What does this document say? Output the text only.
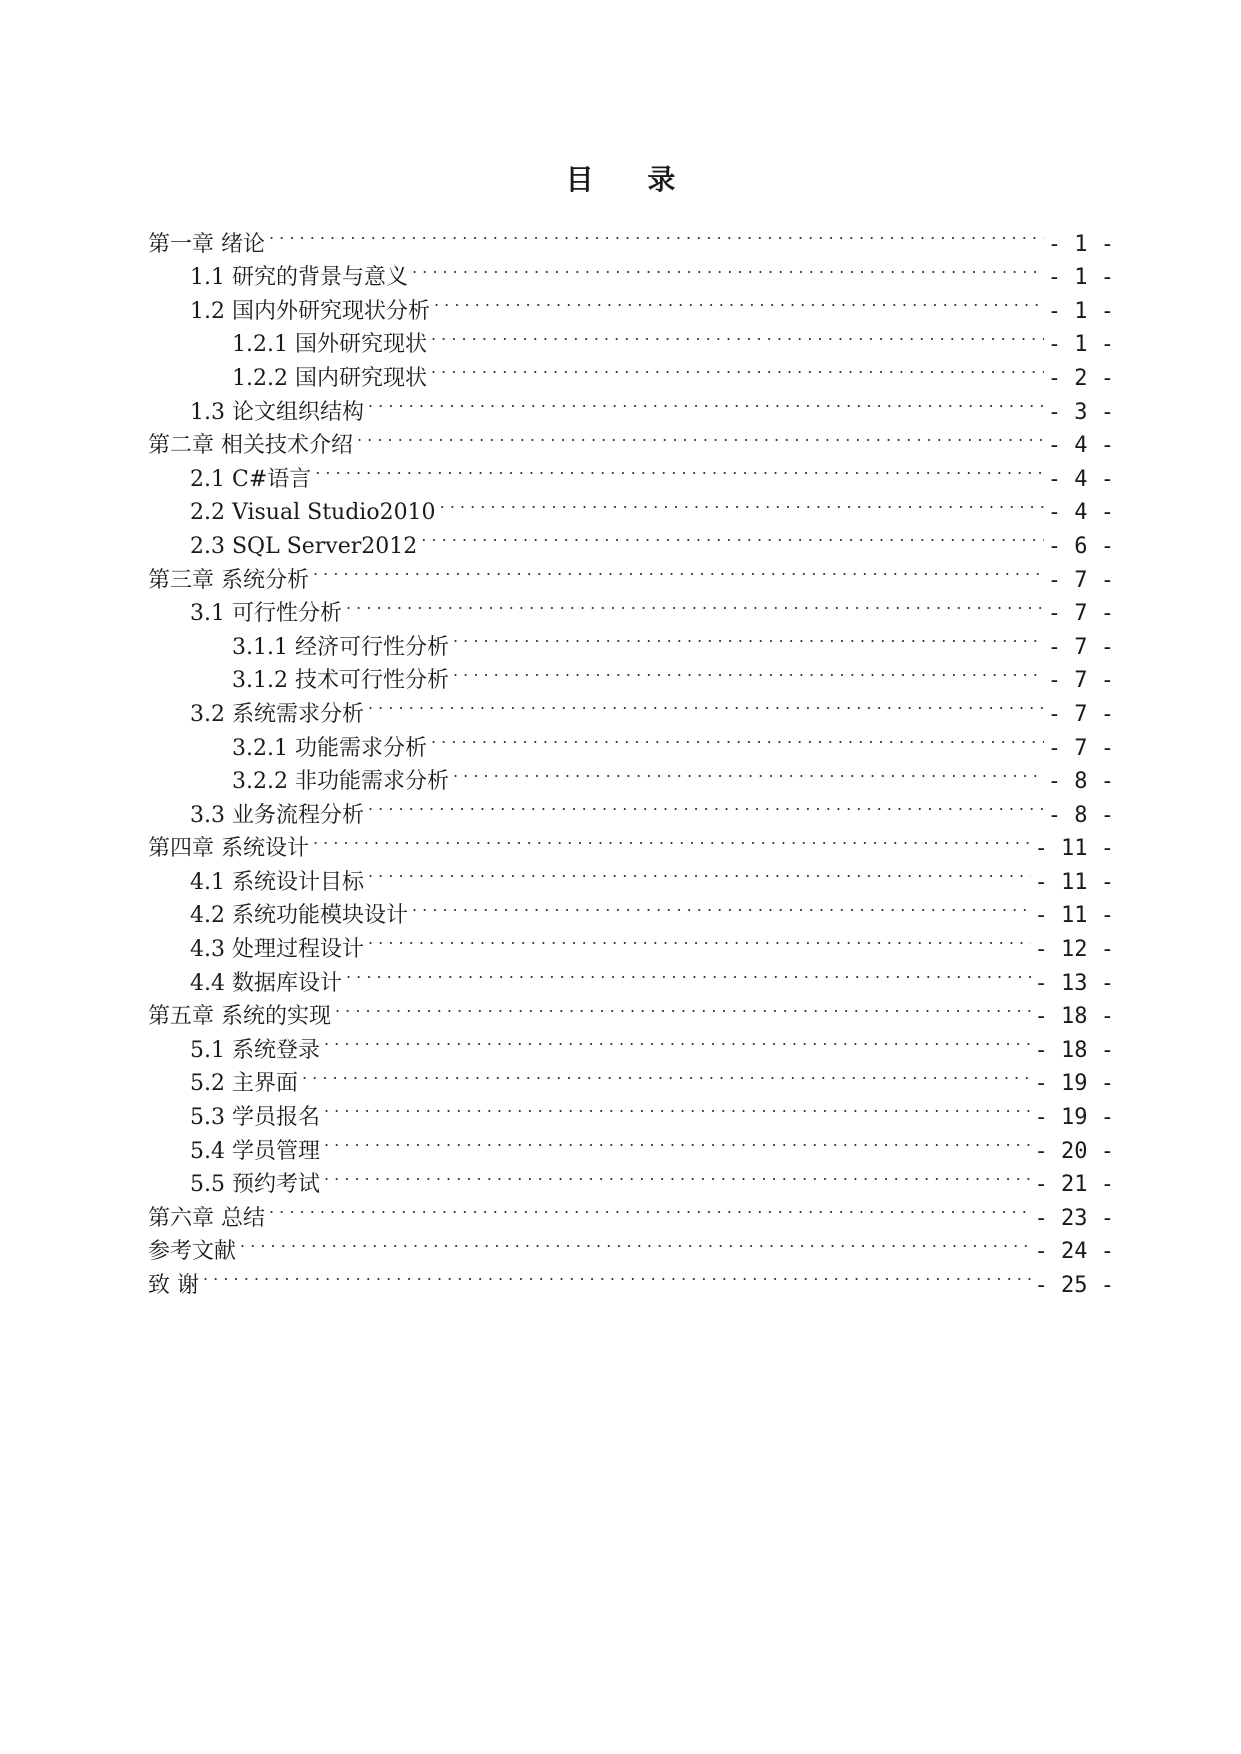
目 录
第一章 绪论 . . .	- 1 -
1.1 研究的背景与意义 . . .	- 1 -
1.2 国内外研究现状分析 . . .	- 1 -
1.2.1 国外研究现状 . . .	- 1 -
1.2.2 国内研究现状 . . .	- 2 -
1.3 论文组织结构 . . .	- 3 -
第二章 相关技术介绍 . . .	- 4 -
2.1 C#语言 . . .	- 4 -
2.2 Visual Studio2010 . . .	- 4 -
2.3 SQL Server2012 . . .	- 6 -
第三章 系统分析 . . .	- 7 -
3.1 可行性分析 . . .	- 7 -
3.1.1 经济可行性分析 . . .	- 7 -
3.1.2 技术可行性分析 . . .	- 7 -
3.2 系统需求分析 . . .	- 7 -
3.2.1 功能需求分析 . . .	- 7 -
3.2.2 非功能需求分析 . . .	- 8 -
3.3 业务流程分析 . . .	- 8 -
第四章 系统设计 . . .	- 11 -
4.1 系统设计目标 . . .	- 11 -
4.2 系统功能模块设计 . . .	- 11 -
4.3 处理过程设计 . . .	- 12 -
4.4 数据库设计 . . .	- 13 -
第五章 系统的实现 . . .	- 18 -
5.1 系统登录 . . .	- 18 -
5.2 主界面 . . .	- 19 -
5.3 学员报名 . . .	- 19 -
5.4 学员管理 . . .	- 20 -
5.5 预约考试 . . .	- 21 -
第六章 总结 . . .	- 23 -
参考文献 . . .	- 24 -
致 谢 . . .	- 25 -
